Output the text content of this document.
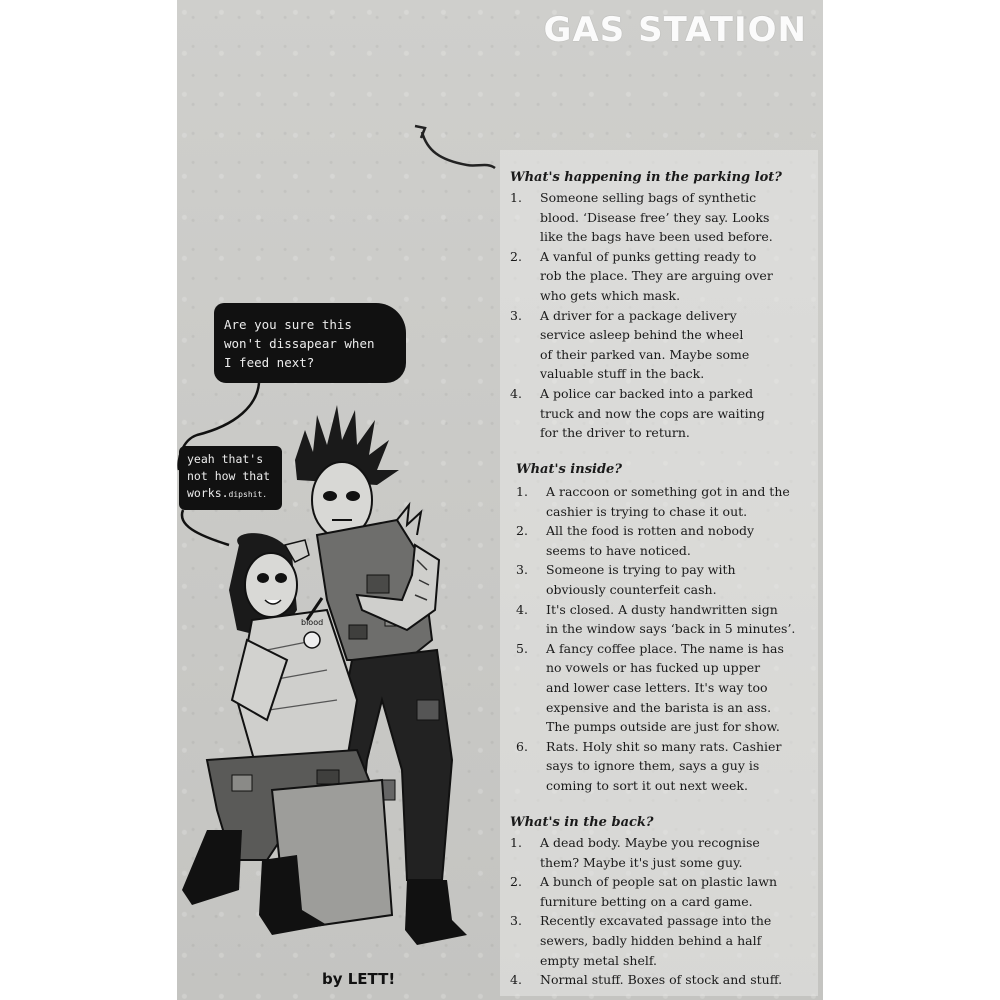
GAS STATION
blood
Are you sure this
won't dissapear when
I feed next?
yeah that's
not how that
works.dipshit.
What's happening in the parking lot?
1.	Someone selling bags of synthetic
blood. ‘Disease free’ they say. Looks
like the bags have been used before.
2.	A vanful of punks getting ready to
rob the place. They are arguing over
who gets which mask.
3.	A driver for a package delivery
service asleep behind the wheel
of their parked van. Maybe some
valuable stuff in the back.
4.	A police car backed into a parked
truck and now the cops are waiting
for the driver to return.
What's inside?
1.	A raccoon or something got in and the
cashier is trying to chase it out.
2.	All the food is rotten and nobody
seems to have noticed.
3.	Someone is trying to pay with
obviously counterfeit cash.
4.	It's closed. A dusty handwritten sign
in the window says ‘back in 5 minutes’.
5.	A fancy coffee place. The name is has
no vowels or has fucked up upper
and lower case letters. It's way too
expensive and the barista is an ass.
The pumps outside are just for show.
6.	Rats. Holy shit so many rats. Cashier
says to ignore them, says a guy is
coming to sort it out next week.
What's in the back?
1.	A dead body. Maybe you recognise
them? Maybe it's just some guy.
2.	A bunch of people sat on plastic lawn
furniture betting on a card game.
3.	Recently excavated passage into the
sewers, badly hidden behind a half
empty metal shelf.
4.	Normal stuff. Boxes of stock and stuff.
by LETT!
